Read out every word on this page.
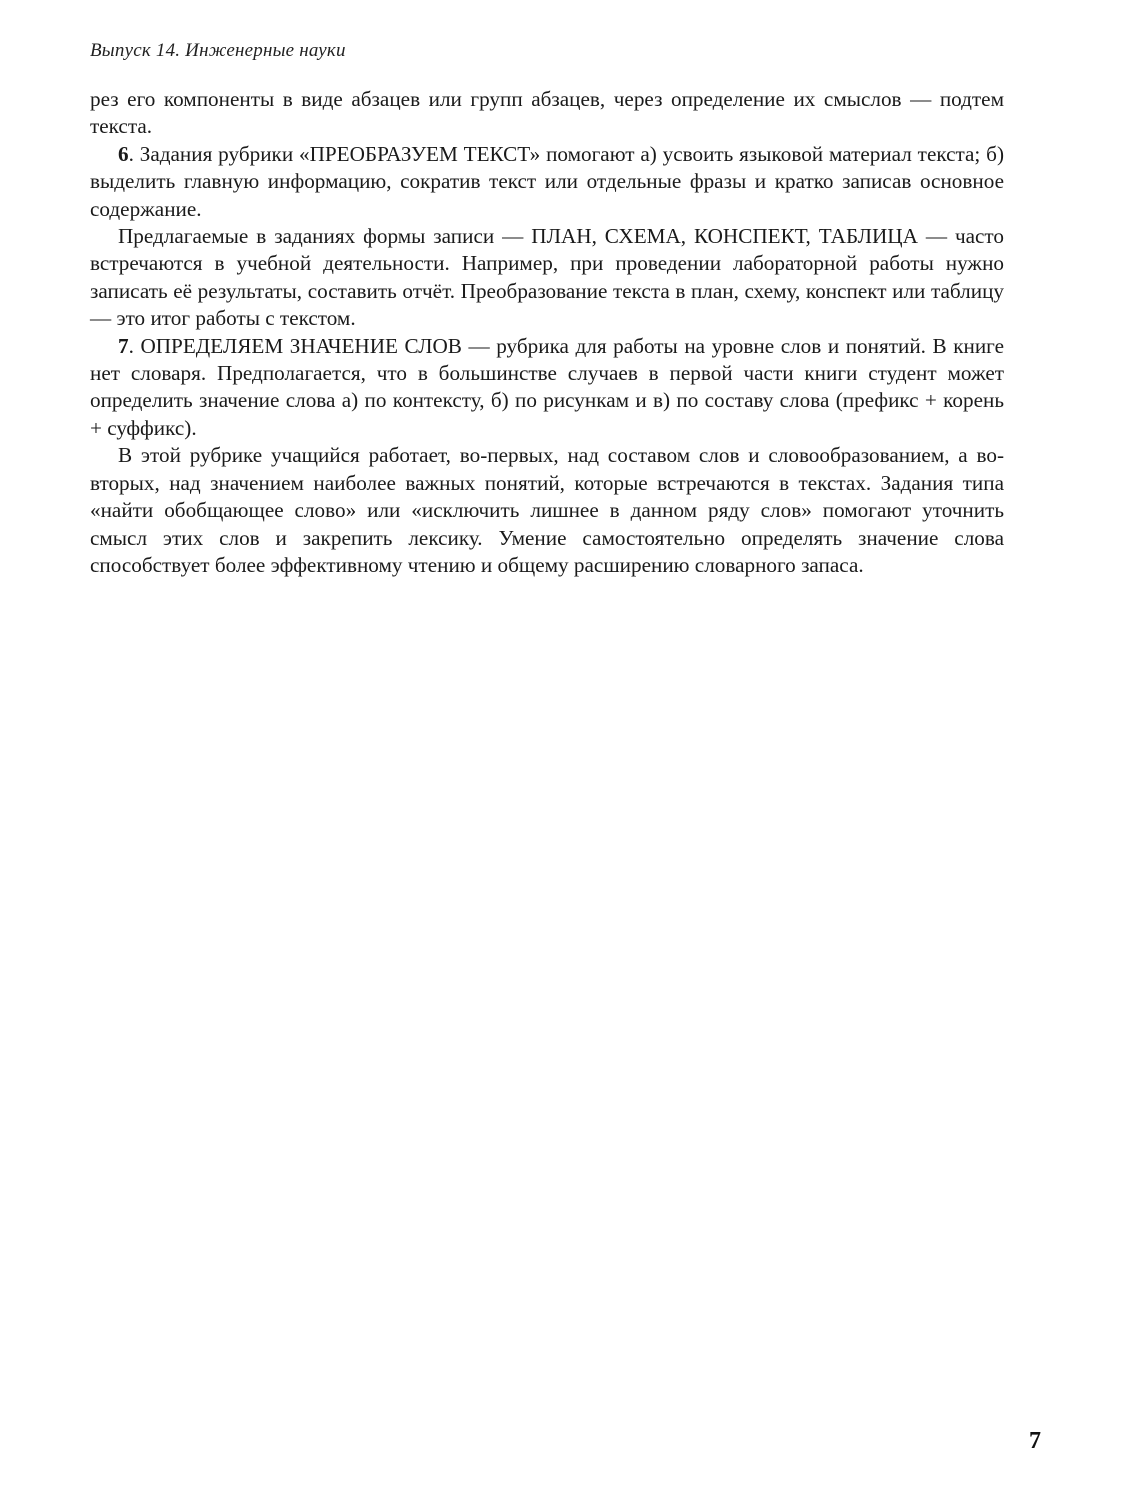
Выпуск 14. Инженерные науки

рез его компоненты в виде абзацев или групп абзацев, через определение их смыслов — подтем текста.

6. Задания рубрики «ПРЕОБРАЗУЕМ ТЕКСТ» помогают а) усвоить языковой материал текста; б) выделить главную информацию, сократив текст или отдельные фразы и кратко записав основное содержание.

Предлагаемые в заданиях формы записи — ПЛАН, СХЕМА, КОНСПЕКТ, ТАБЛИЦА — часто встречаются в учебной деятельности. Например, при проведении лабораторной работы нужно записать её результаты, составить отчёт. Преобразование текста в план, схему, конспект или таблицу — это итог работы с текстом.

7. ОПРЕДЕЛЯЕМ ЗНАЧЕНИЕ СЛОВ — рубрика для работы на уровне слов и понятий. В книге нет словаря. Предполагается, что в большинстве случаев в первой части книги студент может определить значение слова а) по контексту, б) по рисункам и в) по составу слова (префикс + корень + суффикс).

В этой рубрике учащийся работает, во-первых, над составом слов и словообразованием, а во-вторых, над значением наиболее важных понятий, которые встречаются в текстах. Задания типа «найти обобщающее слово» или «исключить лишнее в данном ряду слов» помогают уточнить смысл этих слов и закрепить лексику. Умение самостоятельно определять значение слова способствует более эффективному чтению и общему расширению словарного запаса.

7
